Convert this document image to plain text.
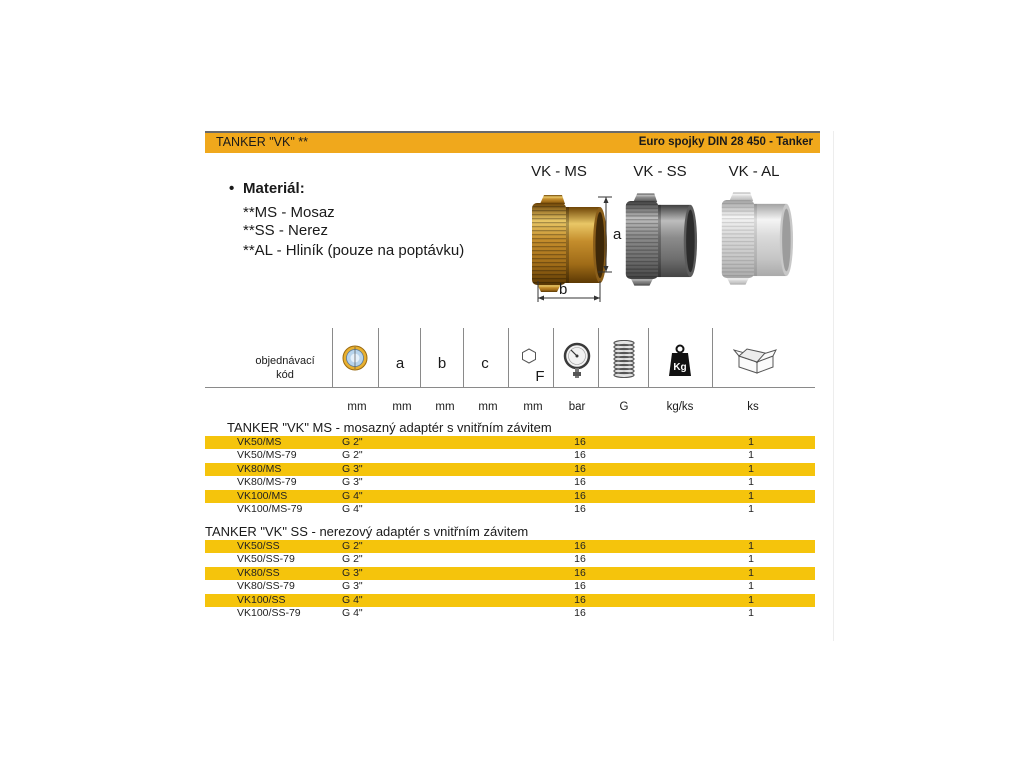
TANKER "VK" **	Euro spojky DIN 28 450 - Tanker
• Materiál:
**MS - Mosaz
**SS - Nerez
**AL - Hliník (pouze na poptávku)
VK - MS	VK - SS	VK - AL
a
b
objednávací
kód
a	b	c
F
Kg
mm	mm	mm	mm	mm	bar	G	kg/ks	ks
TANKER "VK" MS - mosazný adaptér s vnitřním závitem
VK50/MS	G 2"	16	1
VK50/MS-79	G 2"	16	1
VK80/MS	G 3"	16	1
VK80/MS-79	G 3"	16	1
VK100/MS	G 4"	16	1
VK100/MS-79	G 4"	16	1
TANKER "VK" SS - nerezový adaptér s vnitřním závitem
VK50/SS	G 2"	16	1
VK50/SS-79	G 2"	16	1
VK80/SS	G 3"	16	1
VK80/SS-79	G 3"	16	1
VK100/SS	G 4"	16	1
VK100/SS-79	G 4"	16	1
